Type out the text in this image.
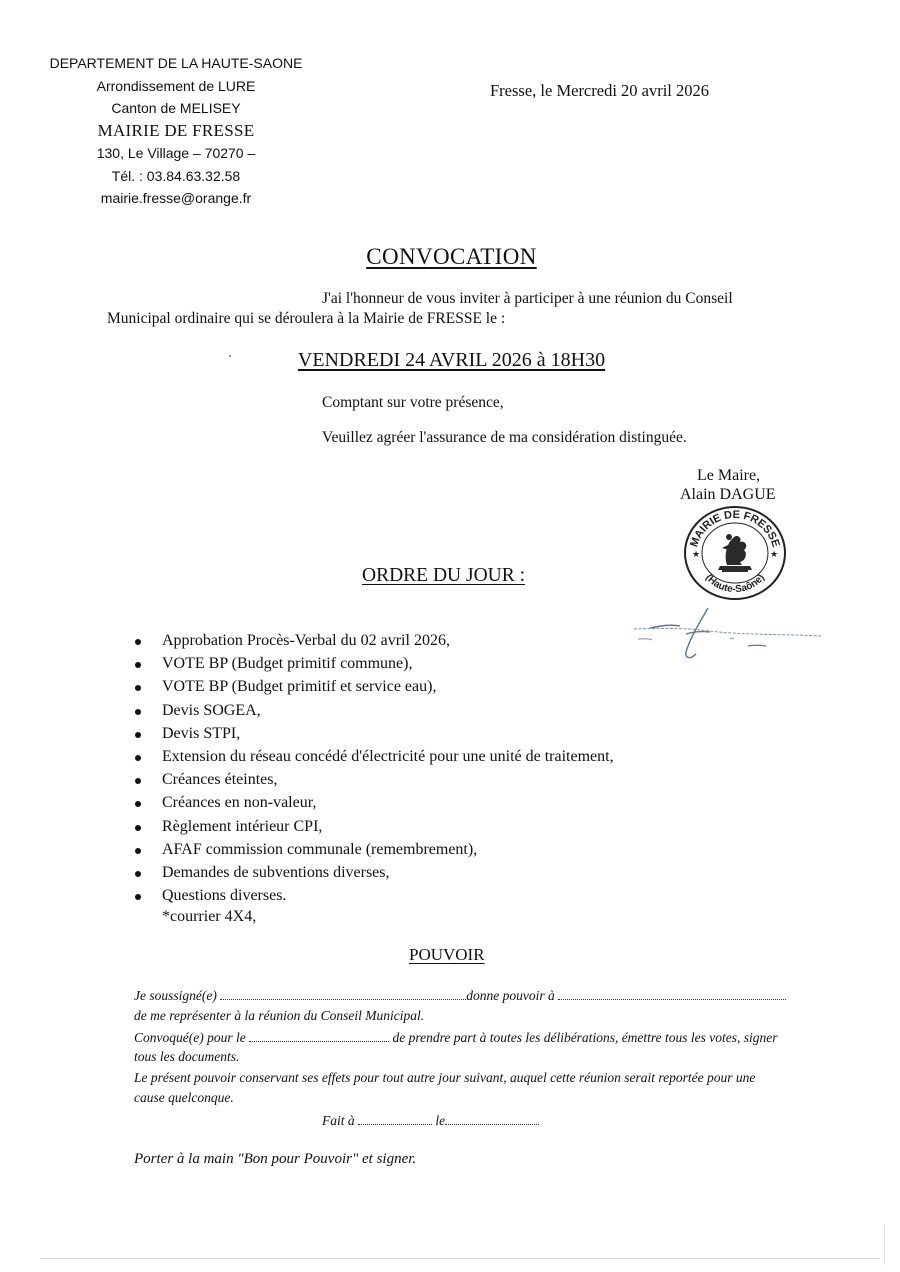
DEPARTEMENT DE LA HAUTE-SAONE
Arrondissement de LURE
Canton de MELISEY
MAIRIE DE FRESSE
130, Le Village – 70270 –
Tél. : 03.84.63.32.58
mairie.fresse@orange.fr
Fresse, le Mercredi 20 avril 2026
CONVOCATION
J'ai l'honneur de vous inviter à participer à une réunion du Conseil
Municipal ordinaire qui se déroulera à la Mairie de FRESSE le :
VENDREDI 24 AVRIL 2026 à 18H30
Comptant sur votre présence,
Veuillez agréer l'assurance de ma considération distinguée.
Le Maire,
Alain DAGUE
MAIRIE DE FRESSE
(Haute-Saône)
★	★
ORDRE DU JOUR :
Approbation Procès-Verbal du 02 avril 2026,
VOTE BP (Budget primitif commune),
VOTE BP (Budget primitif et service eau),
Devis SOGEA,
Devis STPI,
Extension du réseau concédé d'électricité pour une unité de traitement,
Créances éteintes,
Créances en non-valeur,
Règlement intérieur CPI,
AFAF commission communale (remembrement),
Demandes de subventions diverses,
Questions diverses.
*courrier 4X4,
POUVOIR
Je soussigné(e)	donne pouvoir à
de me représenter à la réunion du Conseil Municipal.
Convoqué(e) pour le	de prendre part à toutes les délibérations, émettre tous les votes, signer
tous les documents.
Le présent pouvoir conservant ses effets pour tout autre jour suivant, auquel cette réunion serait reportée pour une
cause quelconque.
Fait à	le
Porter à la main "Bon pour Pouvoir" et signer.
